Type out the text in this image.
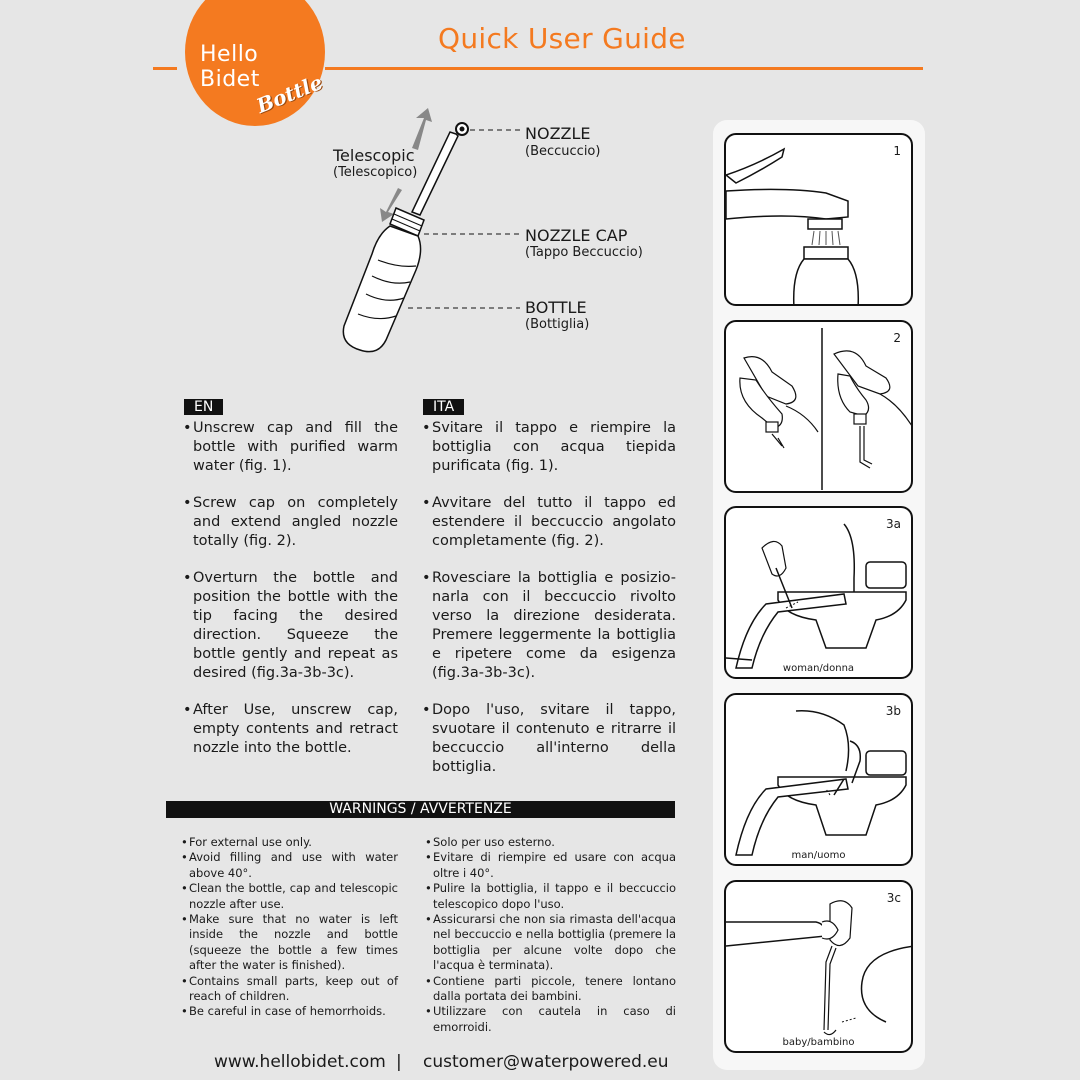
Hello
Bidet
Bottle
Quick User Guide
Telescopic
(Telescopico)
NOZZLE
(Beccuccio)
NOZZLE CAP
(Tappo Beccuccio)
BOTTLE
(Bottiglia)
EN	ITA
• Unscrew cap and fill the bottle with purified warm water (fig. 1).
• Screw cap on completely and extend angled nozzle totally (fig. 2).
• Overturn the bottle and position the bottle with the tip facing the desired direction. Squeeze the bottle gently and repeat as desired (fig.3a-3b-3c).
• After Use, unscrew cap, empty contents and retract nozzle into the bottle.
• Svitare il tappo e riempire la bottiglia con acqua tiepida purificata (fig. 1).
• Avvitare del tutto il tappo ed estendere il beccuccio angolato completamente (fig. 2).
• Rovesciare la bottiglia e posizio-narla con il beccuccio rivolto verso la direzione desiderata. Premere leggermente la bottiglia e ripetere come da esigenza (fig.3a-3b-3c).
• Dopo l'uso, svitare il tappo, svuotare il contenuto e ritrarre il beccuccio all'interno della bottiglia.
WARNINGS / AVVERTENZE
• For external use only.
• Avoid filling and use with water above 40°.
• Clean the bottle, cap and telescopic nozzle after use.
• Make sure that no water is left inside the nozzle and bottle (squeeze the bottle a few times after the water is finished).
• Contains small parts, keep out of reach of children.
• Be careful in case of hemorrhoids.
• Solo per uso esterno.
• Evitare di riempire ed usare con acqua oltre i 40°.
• Pulire la bottiglia, il tappo e il beccuccio telescopico dopo l'uso.
• Assicurarsi che non sia rimasta dell'acqua nel beccuccio e nella bottiglia (premere la bottiglia per alcune volte dopo che l'acqua è terminata).
• Contiene parti piccole, tenere lontano dalla portata dei bambini.
• Utilizzare con cautela in caso di emorroidi.
www.hellobidet.com | customer@waterpowered.eu
1
2
3a
woman/donna
3b
man/uomo
3c
baby/bambino
